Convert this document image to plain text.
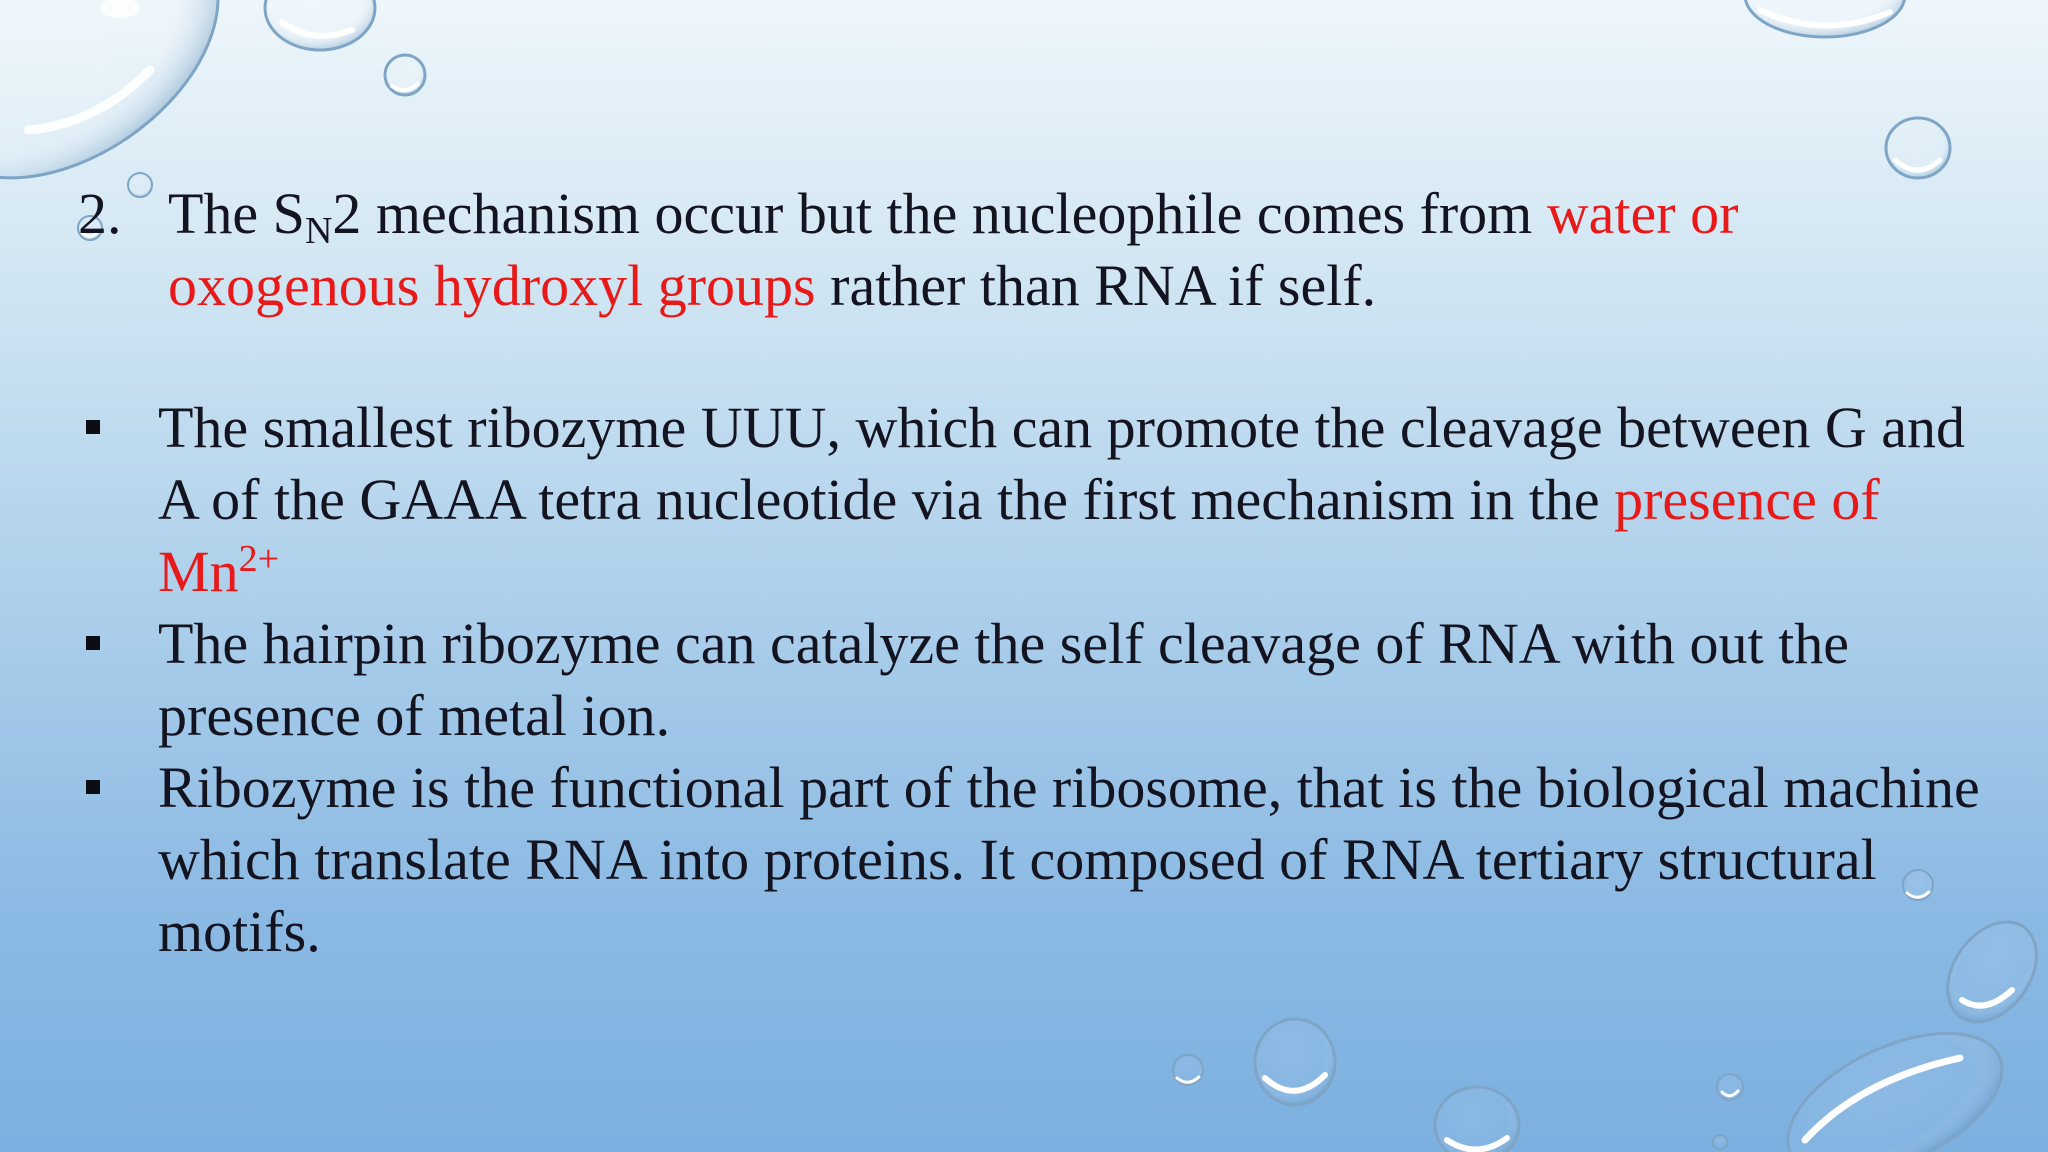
2. The $S_N2$ mechanism occur but the nucleophile comes from water or oxogenous hydroxyl groups rather than RNA if self.
The smallest ribozyme UUU, which can promote the cleavage between G and A of the GAAA tetra nucleotide via the first mechanism in the presence of $Mn^{2+}$
The hairpin ribozyme can catalyze the self cleavage of RNA with out the presence of metal ion.
Ribozyme is the functional part of the ribosome, that is the biological machine which translate RNA into proteins. It composed of RNA tertiary structural motifs.
